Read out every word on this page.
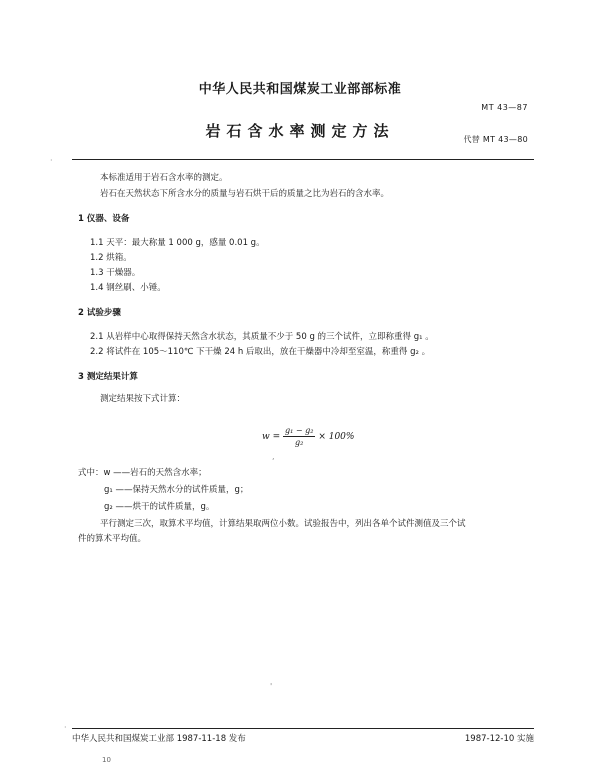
中华人民共和国煤炭工业部部标准
MT 43—87
岩石含水率测定方法	代替 MT 43—80
·
本标准适用于岩石含水率的测定。
岩石在天然状态下所含水分的质量与岩石烘干后的质量之比为岩石的含水率。
1 仪器、设备
1.1 天平：最大称量 1 000 g，感量 0.01 g。
1.2 烘箱。
1.3 干燥器。
1.4 钢丝刷、小锤。
2 试验步骤
2.1 从岩样中心取得保持天然含水状态，其质量不少于 50 g 的三个试件，立即称重得 g₁ 。
2.2 将试件在 105～110℃ 下干燥 24 h 后取出，放在干燥器中冷却至室温，称重得 g₂ 。
3 测定结果计算
测定结果按下式计算：
$w = \frac{\text{g₁ − g₂}}{\text{g₂}} \times 100\%$
,
式中：w ——岩石的天然含水率；
g₁ ——保持天然水分的试件质量，g；
g₂ ——烘干的试件质量，g。
平行测定三次，取算术平均值，计算结果取两位小数。试验报告中，列出各单个试件测值及三个试
件的算术平均值。
'
·
中华人民共和国煤炭工业部 1987-11-18 发布	1987-12-10 实施
10
